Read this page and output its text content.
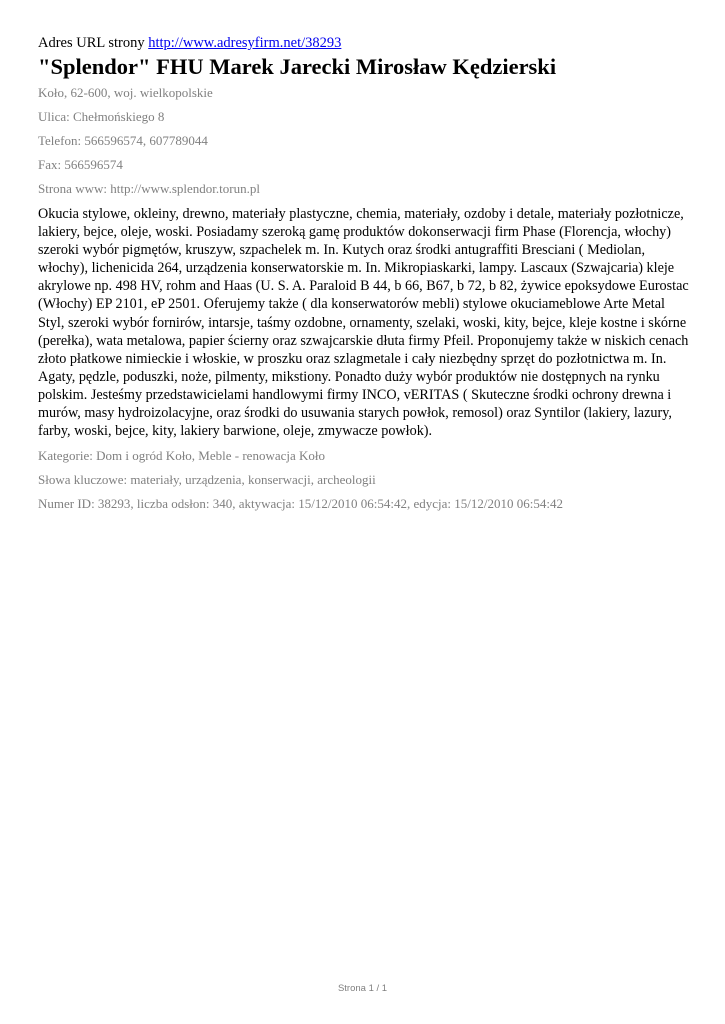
Adres URL strony http://www.adresyfirm.net/38293

"Splendor" FHU Marek Jarecki Mirosław Kędzierski

Koło, 62-600, woj. wielkopolskie

Ulica: Chełmońskiego 8

Telefon: 566596574, 607789044

Fax: 566596574

Strona www: http://www.splendor.torun.pl

Okucia stylowe, okleiny, drewno, materiały plastyczne, chemia, materiały, ozdoby i detale, materiały pozłotnicze, lakiery, bejce, oleje, woski. Posiadamy szeroką gamę produktów dokonserwacji firm Phase (Florencja, włochy) szeroki wybór pigmętów, kruszyw, szpachelek m. In. Kutych oraz środki antugraffiti Bresciani ( Mediolan, włochy), lichenicida 264, urządzenia konserwatorskie m. In. Mikropiaskarki, lampy. Lascaux (Szwajcaria) kleje akrylowe np. 498 HV, rohm and Haas (U. S. A. Paraloid B 44, b 66, B67, b 72, b 82, żywice epoksydowe Eurostac (Włochy) EP 2101, eP 2501. Oferujemy także ( dla konserwatorów mebli) stylowe okuciameblowe Arte Metal Styl, szeroki wybór fornirów, intarsje, taśmy ozdobne, ornamenty, szelaki, woski, kity, bejce, kleje kostne i skórne (perełka), wata metalowa, papier ścierny oraz szwajcarskie dłuta firmy Pfeil. Proponujemy także w niskich cenach złoto płatkowe nimieckie i włoskie, w proszku oraz szlagmetale i cały niezbędny sprzęt do pozłotnictwa m. In. Agaty, pędzle, poduszki, noże, pilmenty, mikstiony. Ponadto duży wybór produktów nie dostępnych na rynku polskim. Jesteśmy przedstawicielami handlowymi firmy INCO, vERITAS ( Skuteczne środki ochrony drewna i murów, masy hydroizolacyjne, oraz środki do usuwania starych powłok, remosol) oraz Syntilor (lakiery, lazury, farby, woski, bejce, kity, lakiery barwione, oleje, zmywacze powłok).

Kategorie: Dom i ogród Koło, Meble - renowacja Koło

Słowa kluczowe: materiały, urządzenia, konserwacji, archeologii

Numer ID: 38293, liczba odsłon: 340, aktywacja: 15/12/2010 06:54:42, edycja: 15/12/2010 06:54:42

Strona 1 / 1
